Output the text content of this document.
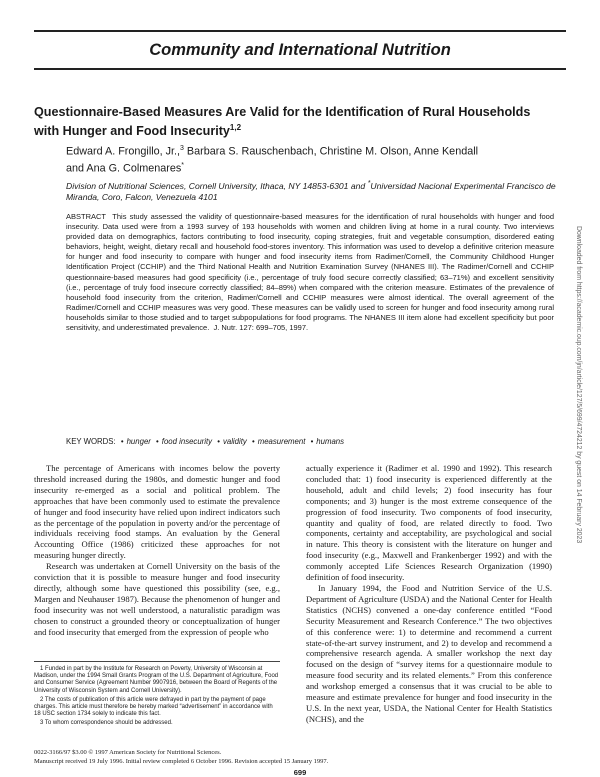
Community and International Nutrition
Questionnaire-Based Measures Are Valid for the Identification of Rural Households with Hunger and Food Insecurity$^{1,2}$
Edward A. Frongillo, Jr.,$^3$ Barbara S. Rauschenbach, Christine M. Olson, Anne Kendall
and Ana G. Colmenares*
Division of Nutritional Sciences, Cornell University, Ithaca, NY 14853-6301 and *Universidad Nacional Experimental Francisco de Miranda, Coro, Falcon, Venezuela 4101
ABSTRACT This study assessed the validity of questionnaire-based measures for the identification of rural households with hunger and food insecurity. Data used were from a 1993 survey of 193 households with women and children living at home in a rural county. Two interviews provided data on demographics, factors contributing to food insecurity, coping strategies, fruit and vegetable consumption, disordered eating behaviors, height, weight, dietary recall and household food-stores inventory. This information was used to develop a definitive criterion measure for hunger and food insecurity to compare with hunger and food insecurity items from Radimer/Cornell, the Community Childhood Hunger Identification Project (CCHIP) and the Third National Health and Nutrition Examination Survey (NHANES III). The Radimer/Cornell and CCHIP questionnaire-based measures had good specificity (i.e., percentage of truly food secure correctly classified; 63–71%) and excellent sensitivity (i.e., percentage of truly food insecure correctly classified; 84–89%) when compared with the criterion measure. Estimates of the prevalence of household food insecurity from the criterion, Radimer/Cornell and CCHIP measures were almost identical. The overall agreement of the Radimer/Cornell and CCHIP measures was very good. These measures can be validly used to screen for hunger and food insecurity among rural households similar to those studied and to target subpopulations for food programs. The NHANES III item alone had excellent specificity but poor sensitivity, and underestimated prevalence. J. Nutr. 127: 699–705, 1997.
KEY WORDS: • hunger • food insecurity • validity • measurement • humans

The percentage of Americans with incomes below the poverty threshold increased during the 1980s, and domestic hunger and food insecurity re-emerged as a social and political problem. The approaches that have been commonly used to estimate the prevalence of hunger and food insecurity have relied upon indirect indicators such as the percentage of the population in poverty and/or the percentage of individuals receiving food stamps. An evaluation by the General Accounting Office (1986) criticized these approaches for not measuring hunger directly.

Research was undertaken at Cornell University on the basis of the conviction that it is possible to measure hunger and food insecurity directly, although some have questioned this possibility (see, e.g., Margen and Neuhauser 1987). Because the phenomenon of hunger and food insecurity was not well understood, a naturalistic paradigm was chosen to construct a grounded theory or conceptualization of hunger and food insecurity that emerged from the expression of people who

actually experience it (Radimer et al. 1990 and 1992). This research concluded that: 1) food insecurity is experienced differently at the household, adult and child levels; 2) food insecurity has four components; and 3) hunger is the most extreme consequence of the progression of food insecurity. Two components of food insecurity, quantity and quality of food, are related directly to food. Two components, certainty and acceptability, are psychological and social in nature. This theory is consistent with the literature on hunger and food insecurity (e.g., Maxwell and Frankenberger 1992) and with the commonly accepted Life Sciences Research Organization (1990) definition of food insecurity.

In January 1994, the Food and Nutrition Service of the U.S. Department of Agriculture (USDA) and the National Center for Health Statistics (NCHS) convened a one-day conference entitled “Food Security Measurement and Research Conference.” The two objectives of this conference were: 1) to determine and recommend a current state-of-the-art survey instrument, and 2) to develop and recommend a comprehensive research agenda. A smaller workshop the next day focused on the design of “survey items for a questionnaire module to measure food security and its related elements.” From this conference and workshop emerged a consensus that it was crucial to be able to measure and estimate prevalence for hunger and food insecurity in the U.S. In the next year, USDA, the National Center for Health Statistics (NCHS), and the

1 Funded in part by the Institute for Research on Poverty, University of Wisconsin at Madison, under the 1994 Small Grants Program of the U.S. Department of Agriculture, Food and Consumer Service (Agreement Number 9907916, between the Board of Regents of the University of Wisconsin System and Cornell University).

2 The costs of publication of this article were defrayed in part by the payment of page charges. This article must therefore be hereby marked “advertisement” in accordance with 18 USC section 1734 solely to indicate this fact.

3 To whom correspondence should be addressed.

0022-3166/97 $3.00 © 1997 American Society for Nutritional Sciences.
Manuscript received 19 July 1996. Initial review completed 6 October 1996. Revision accepted 15 January 1997.
699
Downloaded from https://academic.oup.com/jn/article/127/5/699/4724212 by guest on 14 February 2023
